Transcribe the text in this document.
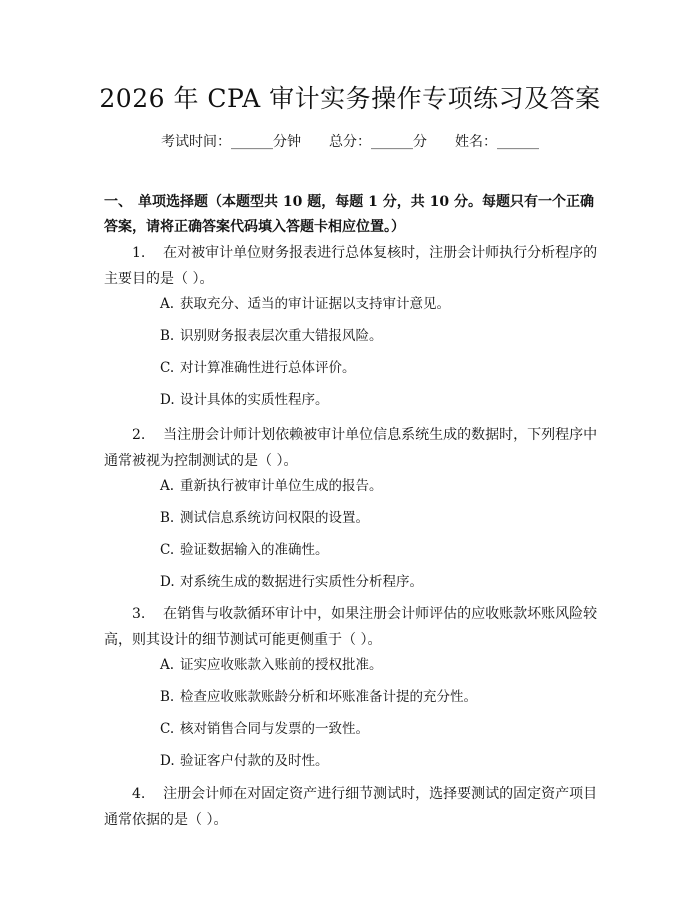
2026 年 CPA 审计实务操作专项练习及答案
考试时间：______分钟 总分：______分 姓名：______
一、 单项选择题（本题型共 10 题，每题 1 分，共 10 分。每题只有一个正确答案，请将正确答案代码填入答题卡相应位置。）
1. 在对被审计单位财务报表进行总体复核时，注册会计师执行分析程序的主要目的是（ ）。
A. 获取充分、适当的审计证据以支持审计意见。
B. 识别财务报表层次重大错报风险。
C. 对计算准确性进行总体评价。
D. 设计具体的实质性程序。
2. 当注册会计师计划依赖被审计单位信息系统生成的数据时，下列程序中通常被视为控制测试的是（ ）。
A. 重新执行被审计单位生成的报告。
B. 测试信息系统访问权限的设置。
C. 验证数据输入的准确性。
D. 对系统生成的数据进行实质性分析程序。
3. 在销售与收款循环审计中，如果注册会计师评估的应收账款坏账风险较高，则其设计的细节测试可能更侧重于（ ）。
A. 证实应收账款入账前的授权批准。
B. 检查应收账款账龄分析和坏账准备计提的充分性。
C. 核对销售合同与发票的一致性。
D. 验证客户付款的及时性。
4. 注册会计师在对固定资产进行细节测试时，选择要测试的固定资产项目通常依据的是（ ）。
